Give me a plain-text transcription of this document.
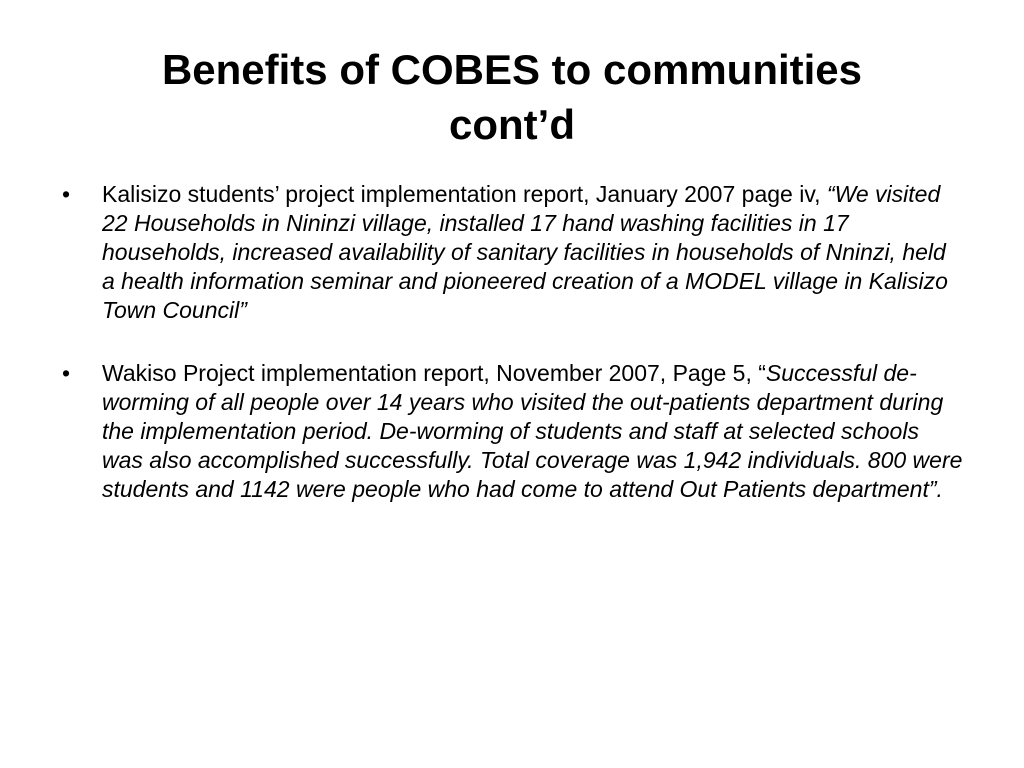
Benefits of COBES to communities
cont’d
• Kalisizo students’ project implementation report, January 2007 page iv, “We visited 22 Households in Nininzi village, installed 17 hand washing facilities in 17 households, increased availability of sanitary facilities in households of Nninzi, held a health information seminar and pioneered creation of a MODEL village in Kalisizo Town Council”
• Wakiso Project implementation report, November 2007, Page 5, “Successful de-worming of all people over 14 years who visited the out-patients department during the implementation period. De-worming of students and staff at selected schools was also accomplished successfully. Total coverage was 1,942 individuals. 800 were students and 1142 were people who had come to attend Out Patients department”.
